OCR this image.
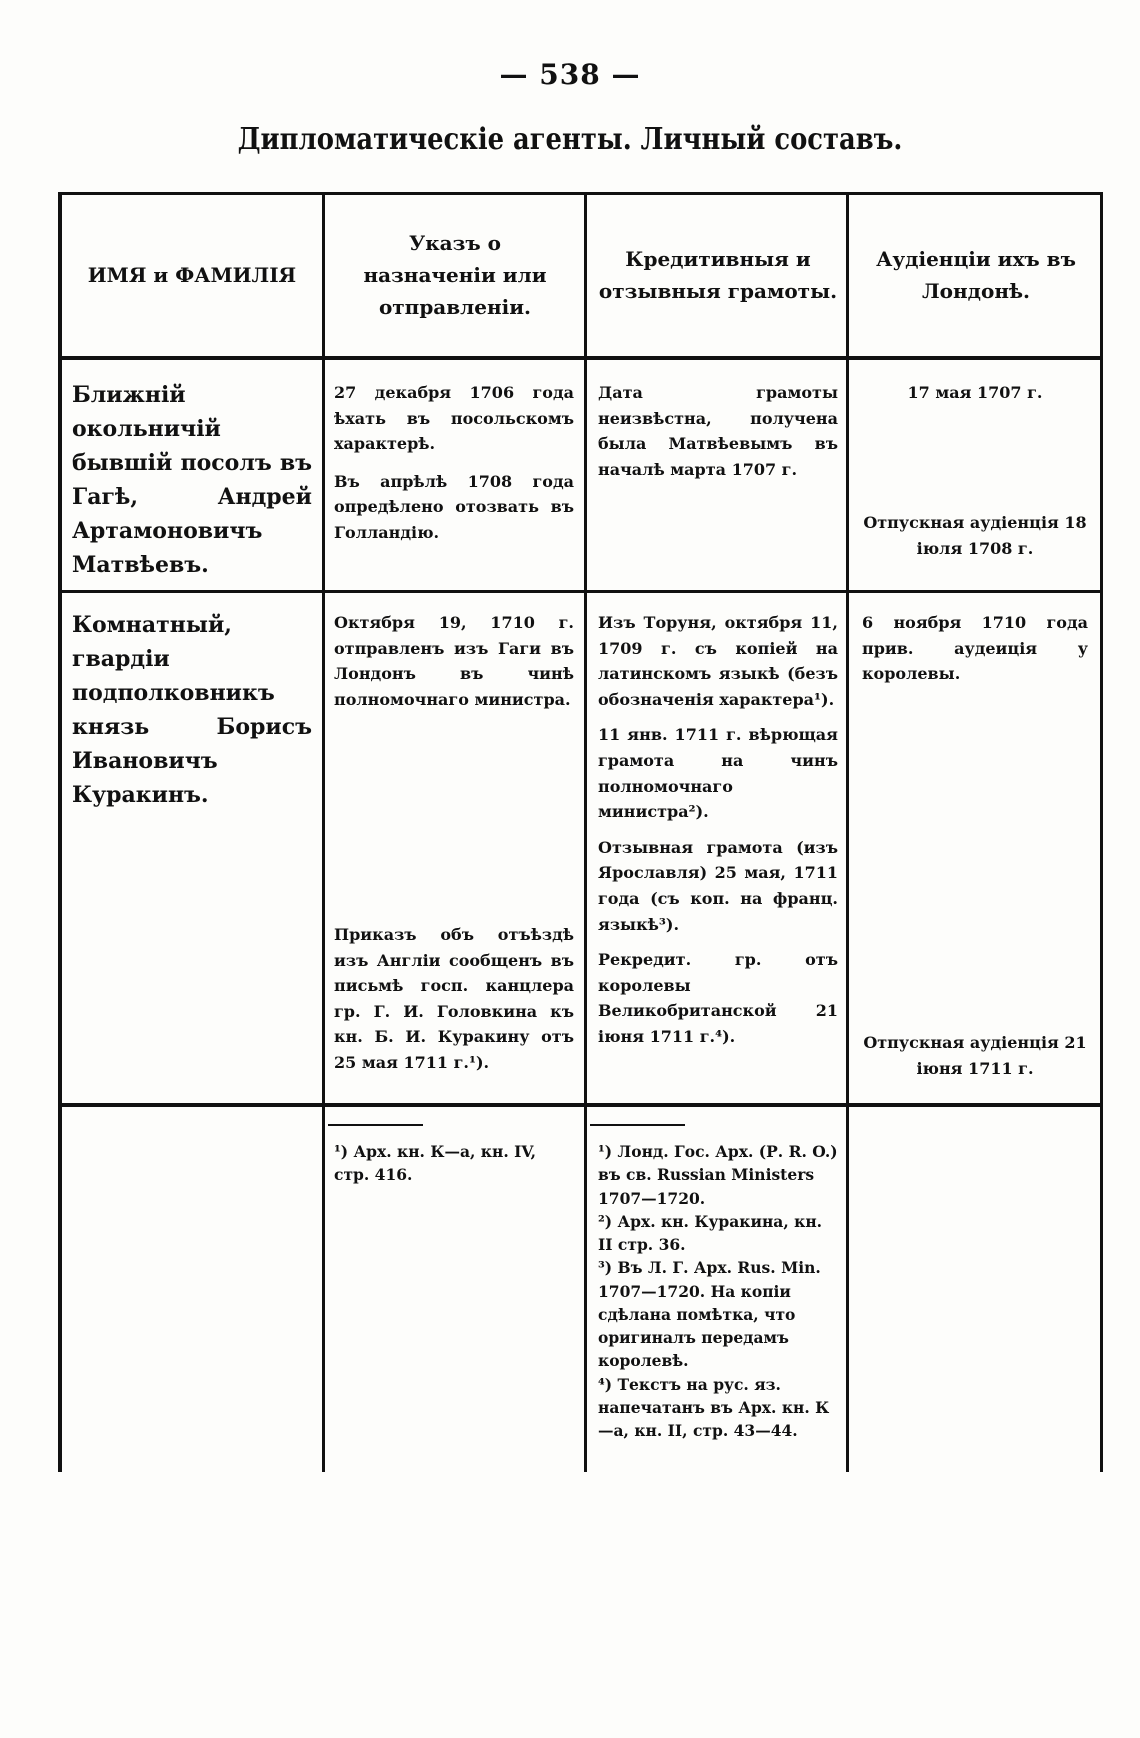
— 538 —
Дипломатическіе агенты. Личный составъ.
ИМЯ и ФАМИЛІЯ
Указъ о назначеніи или отправленіи.
Кредитивныя и отзывныя грамоты.
Аудіенціи ихъ въ Лондонѣ.
Ближній окольничій бывшій посолъ въ Гагѣ, Андрей Артамоновичъ Матвѣевъ.

27 декабря 1706 года ѣхать въ посольскомъ характерѣ.

Въ апрѣлѣ 1708 года опредѣлено отозвать въ Голландію.

Дата грамоты неизвѣстна, получена была Матвѣевымъ въ началѣ марта 1707 г.

17 мая 1707 г.
Отпускная аудіенція 18 іюля 1708 г.
Комнатный, гвардіи подполковникъ князь Борисъ Ивановичъ Куракинъ.
Октября 19, 1710 г. отправленъ изъ Гаги въ Лондонъ въ чинѣ полномочнаго министра.
Приказъ объ отъѣздѣ изъ Англіи сообщенъ въ письмѣ госп. канцлера гр. Г. И. Головкина къ кн. Б. И. Куракину отъ 25 мая 1711 г.¹).

Изъ Торуня, октября 11, 1709 г. съ копіей на латинскомъ языкѣ (безъ обозначенія характера¹).

11 янв. 1711 г. вѣрющая грамота на чинъ полномочнаго министра²).

Отзывная грамота (изъ Ярославля) 25 мая, 1711 года (съ коп. на франц. языкѣ³).

Рекредит. гр. отъ королевы Великобританской 21 іюня 1711 г.⁴).

6 ноября 1710 года прив. аудеиція у королевы.
Отпускная аудіенція 21 іюня 1711 г.

¹) Арх. кн. К—а, кн. IV, стр. 416.

¹) Лонд. Гос. Арх. (Р. R. O.) въ св. Russian Ministers 1707—1720.

²) Арх. кн. Куракина, кн. II стр. 36.

³) Въ Л. Г. Арх. Rus. Min. 1707—1720. На копіи сдѣлана помѣтка, что оригиналъ передамъ королевѣ.

⁴) Текстъ на рус. яз. напечатанъ въ Арх. кн. К—а, кн. II, стр. 43—44.
